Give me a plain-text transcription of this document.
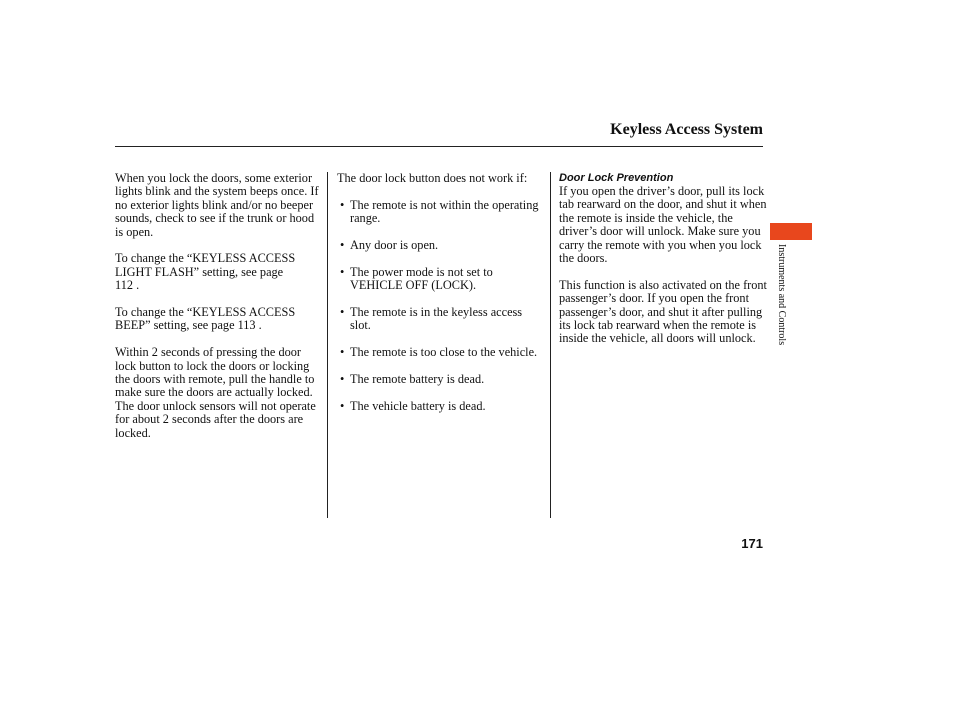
Keyless Access System

When you lock the doors, some exterior lights blink and the system beeps once. If no exterior lights blink and/or no beeper sounds, check to see if the trunk or hood is open.

To change the “KEYLESS ACCESS LIGHT FLASH” setting, see page
112 .

To change the “KEYLESS ACCESS BEEP” setting, see page 113 .

Within 2 seconds of pressing the door lock button to lock the doors or locking the doors with remote, pull the handle to make sure the doors are actually locked. The door unlock sensors will not operate for about 2 seconds after the doors are locked.

The door lock button does not work if:

• The remote is not within the operating range.
• Any door is open.
• The power mode is not set to VEHICLE OFF (LOCK).
• The remote is in the keyless access slot.
• The remote is too close to the vehicle.
• The remote battery is dead.
• The vehicle battery is dead.
Door Lock Prevention

If you open the driver’s door, pull its lock tab rearward on the door, and shut it when the remote is inside the vehicle, the driver’s door will unlock. Make sure you carry the remote with you when you lock the doors.

This function is also activated on the front passenger’s door. If you open the front passenger’s door, and shut it after pulling its lock tab rearward when the remote is inside the vehicle, all doors will unlock.	Instruments and Controls
171
